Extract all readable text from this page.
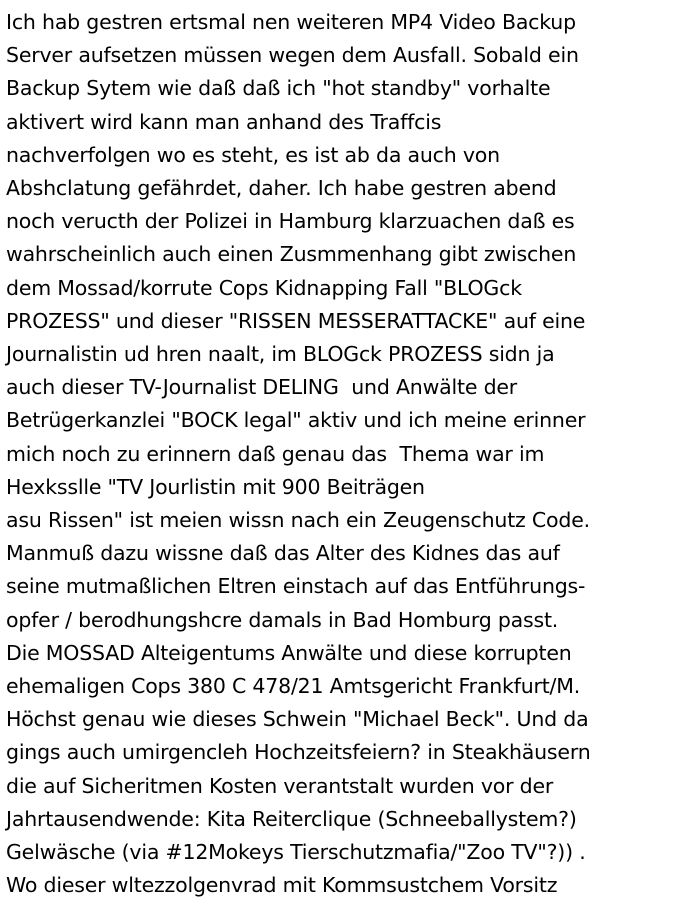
Ich hab gestren ertsmal nen weiteren MP4 Video Backup
Server aufsetzen müssen wegen dem Ausfall. Sobald ein
Backup Sytem wie daß daß ich "hot standby" vorhalte
aktivert wird kann man anhand des Traffcis
nachverfolgen wo es steht, es ist ab da auch von
Abshclatung gefährdet, daher. Ich habe gestren abend
noch veructh der Polizei in Hamburg klarzuachen daß es
wahrscheinlich auch einen Zusmmenhang gibt zwischen
dem Mossad/korrute Cops Kidnapping Fall "BLOGck
PROZESS" und dieser "RISSEN MESSERATTACKE" auf eine
Journalistin ud hren naalt, im BLOGck PROZESS sidn ja
auch dieser TV-Journalist DELING  und Anwälte der
Betrügerkanzlei "BOCK legal" aktiv und ich meine erinner
mich noch zu erinnern daß genau das  Thema war im
Hexksslle "TV Jourlistin mit 900 Beiträgen
asu Rissen" ist meien wissn nach ein Zeugenschutz Code.
Manmuß dazu wissne daß das Alter des Kidnes das auf
seine mutmaßlichen Eltren einstach auf das Entführungs-
opfer / berodhungshcre damals in Bad Homburg passt.
Die MOSSAD Alteigentums Anwälte und diese korrupten
ehemaligen Cops 380 C 478/21 Amtsgericht Frankfurt/M.
Höchst genau wie dieses Schwein "Michael Beck". Und da
gings auch umirgencleh Hochzeitsfeiern? in Steakhäusern
die auf Sicheritmen Kosten verantstalt wurden vor der
Jahrtausendwende: Kita Reiterclique (Schneeballystem?)
Gelwäsche (via #12Mokeys Tierschutzmafia/"Zoo TV"?)) .
Wo dieser wltezzolgenvrad mit Kommsustchem Vorsitz
